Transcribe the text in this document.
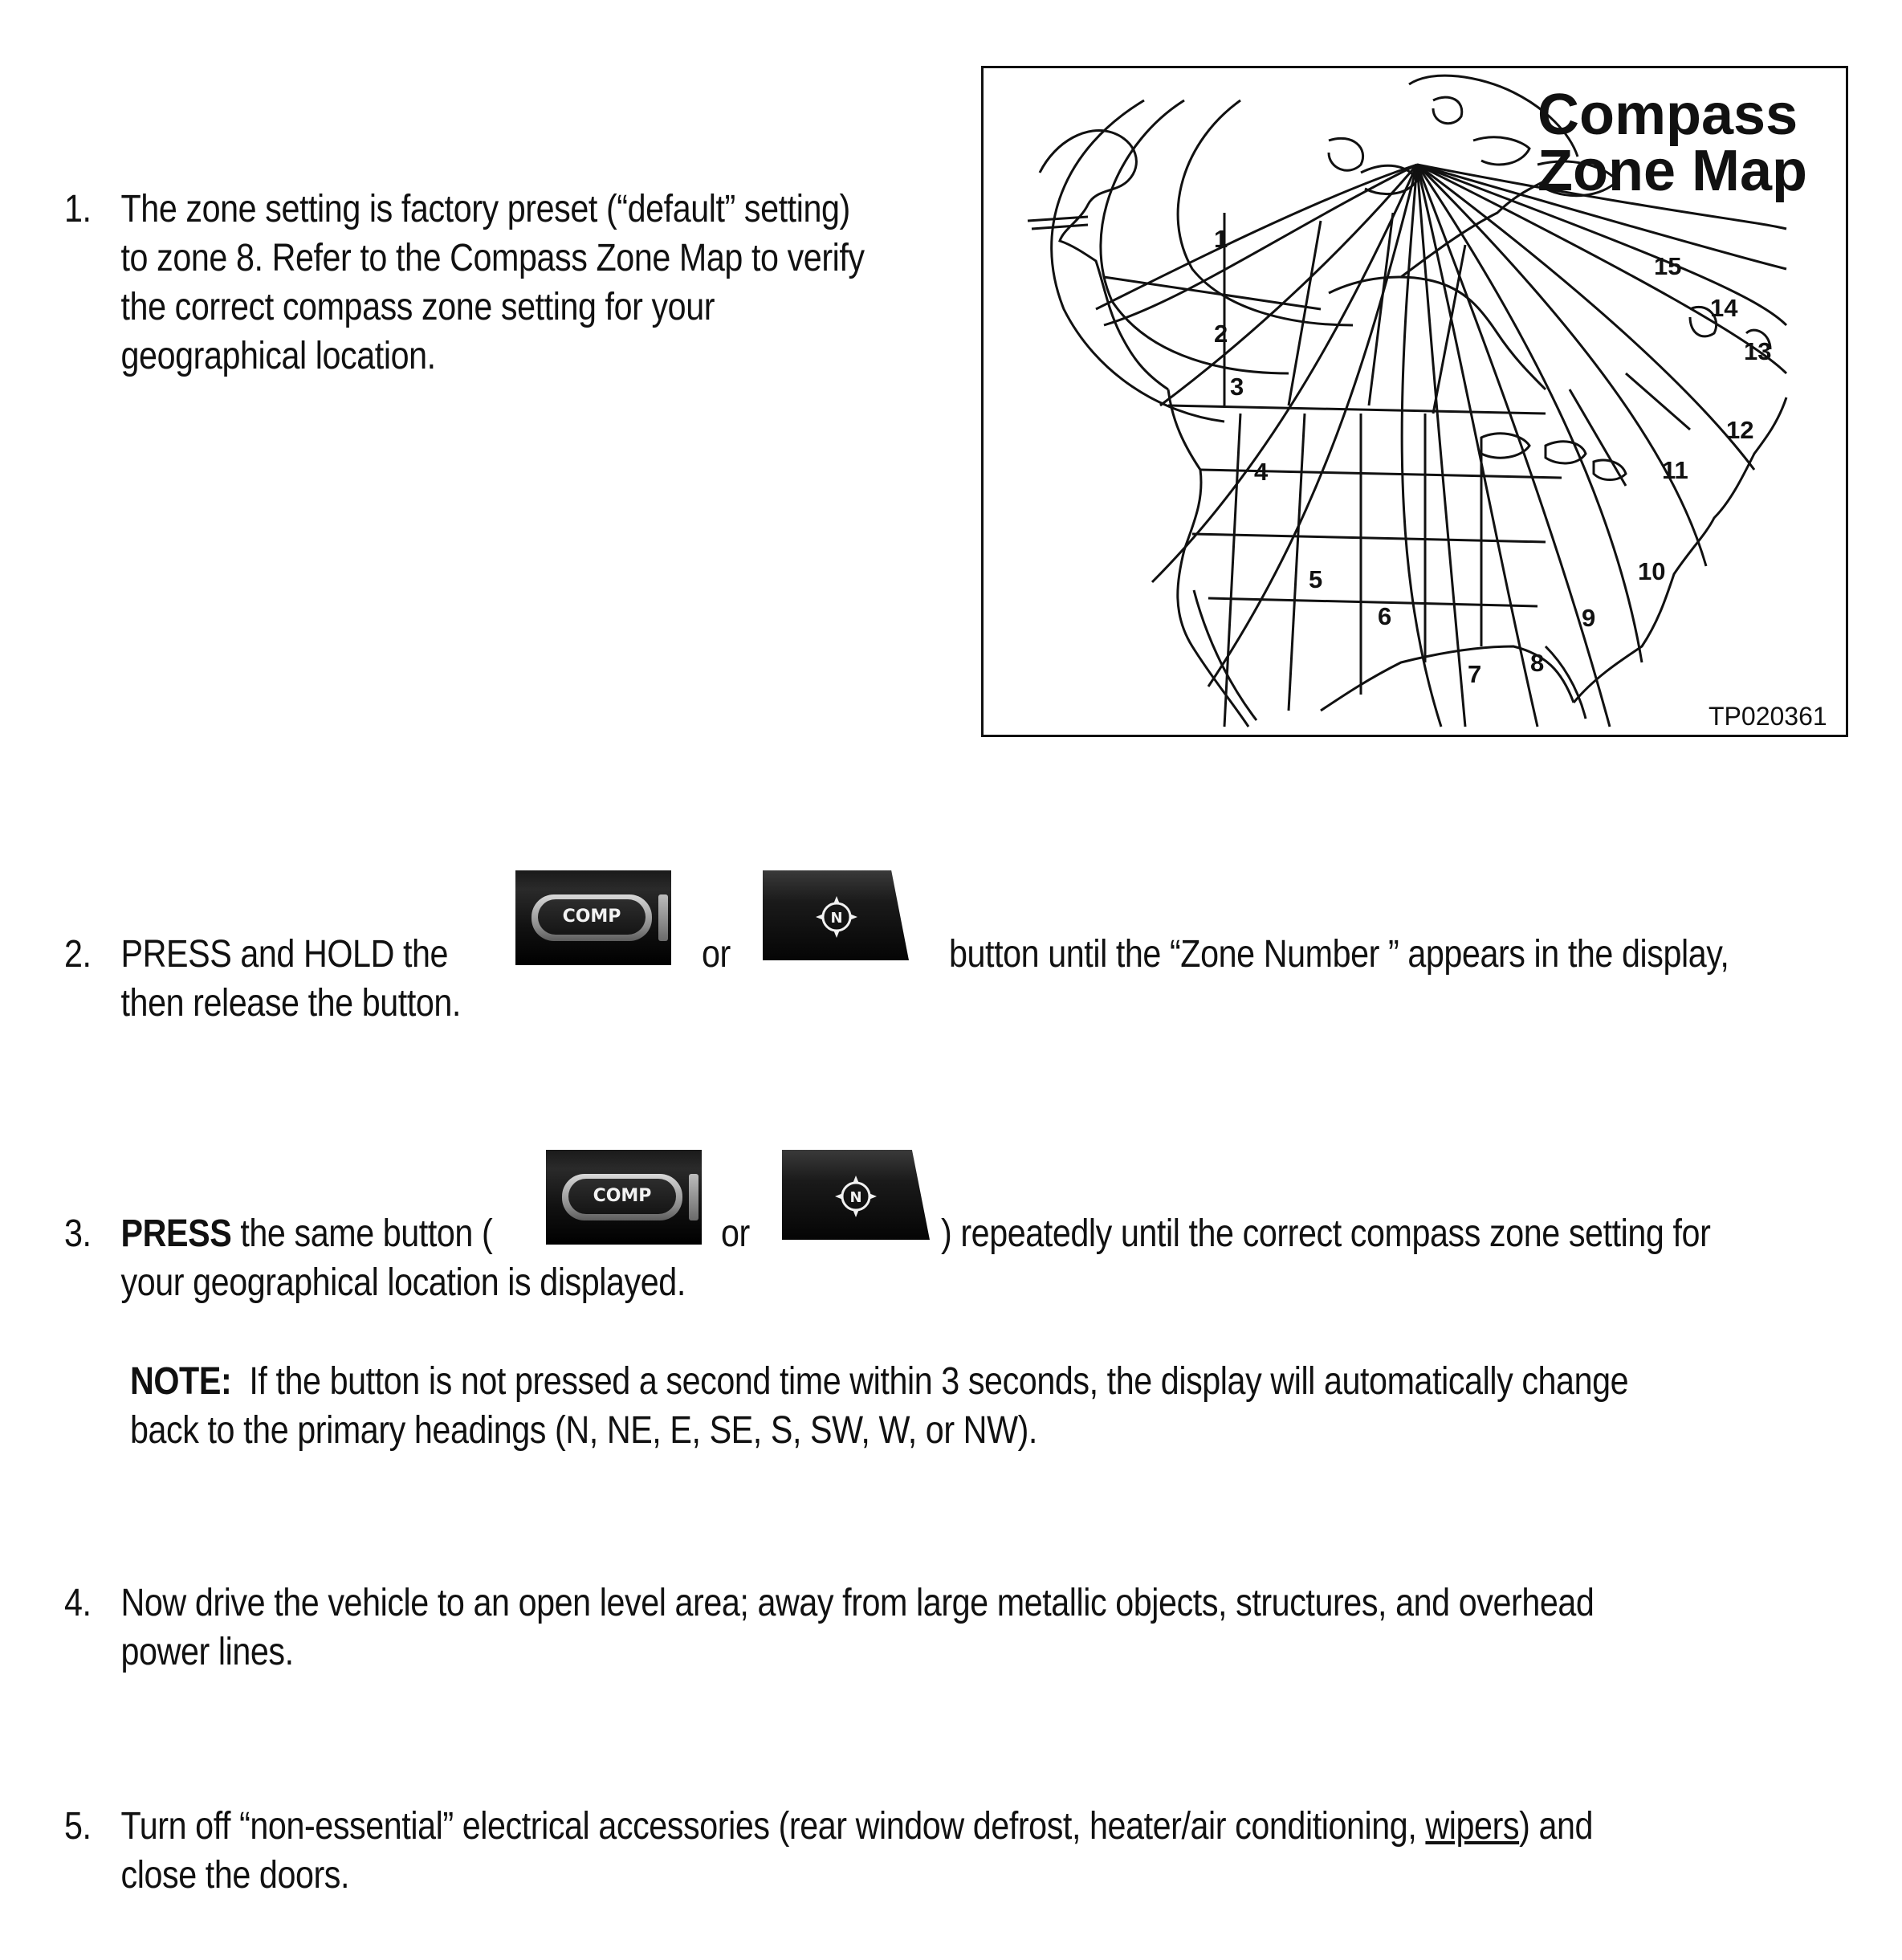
1. The zone setting is factory preset (“default” setting)
to zone 8. Refer to the Compass Zone Map to verify
the correct compass zone setting for your
geographical location.
Compass
Zone Map
TP020361
1
2
3
4
5
6
7 8
9
10
11
12
13
14
15
2. PRESS and HOLD the
then release the button.
COMP
or
N
button until the “Zone Number ” appears in the display,
3. PRESS the same button (
your geographical location is displayed.
COMP
or
N
) repeatedly until the correct compass zone setting for
NOTE:  If the button is not pressed a second time within 3 seconds, the display will automatically change
back to the primary headings (N, NE, E, SE, S, SW, W, or NW).
4. Now drive the vehicle to an open level area; away from large metallic objects, structures, and overhead
power lines.
5. Turn off “non-essential” electrical accessories (rear window defrost, heater/air conditioning, wipers) and
close the doors.
